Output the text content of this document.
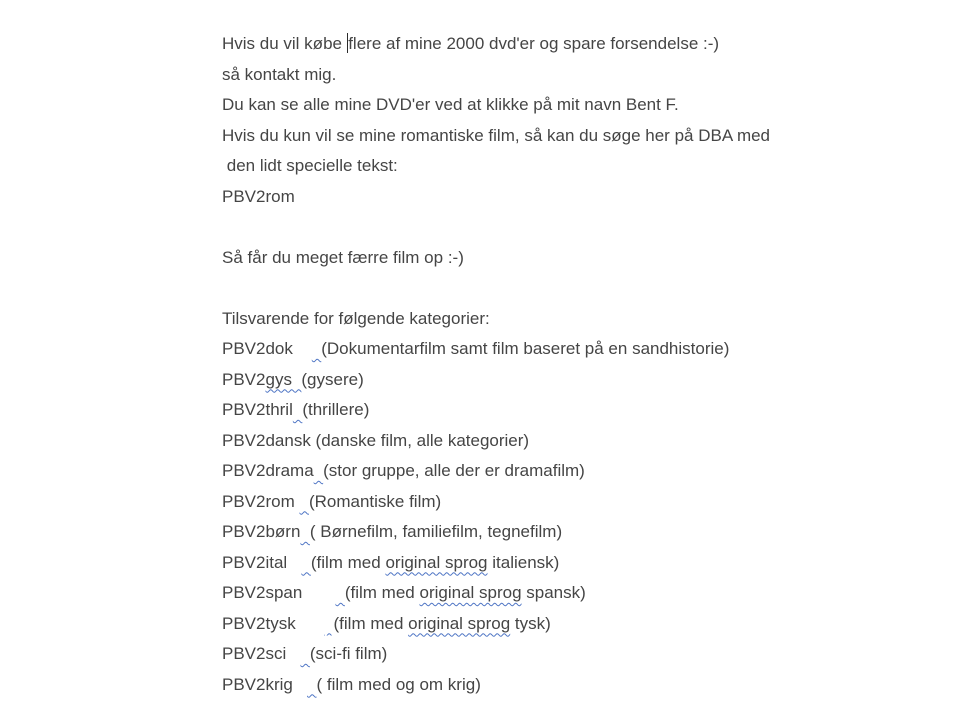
Hvis du vil købe flere af mine 2000 dvd'er og spare forsendelse :-)
så kontakt mig.
Du kan se alle mine DVD'er ved at klikke på mit navn Bent F.
Hvis du kun vil se mine romantiske film, så kan du søge her på DBA med
den lidt specielle tekst:
PBV2rom
Så får du meget færre film op :-)
Tilsvarende for følgende kategorier:
PBV2dok      (Dokumentarfilm samt film baseret på en sandhistorie)
PBV2gys  (gysere)
PBV2thril (thrillere)
PBV2dansk (danske film, alle kategorier)
PBV2drama (stor gruppe, alle der er dramafilm)
PBV2rom   (Romantiske film)
PBV2børn ( Børnefilm, familiefilm, tegnefilm)
PBV2ital     (film med original sprog italiensk)
PBV2span         (film med original sprog spansk)
PBV2tysk        (film med original sprog tysk)
PBV2sci     (sci-fi film)
PBV2krig     ( film med og om krig)
